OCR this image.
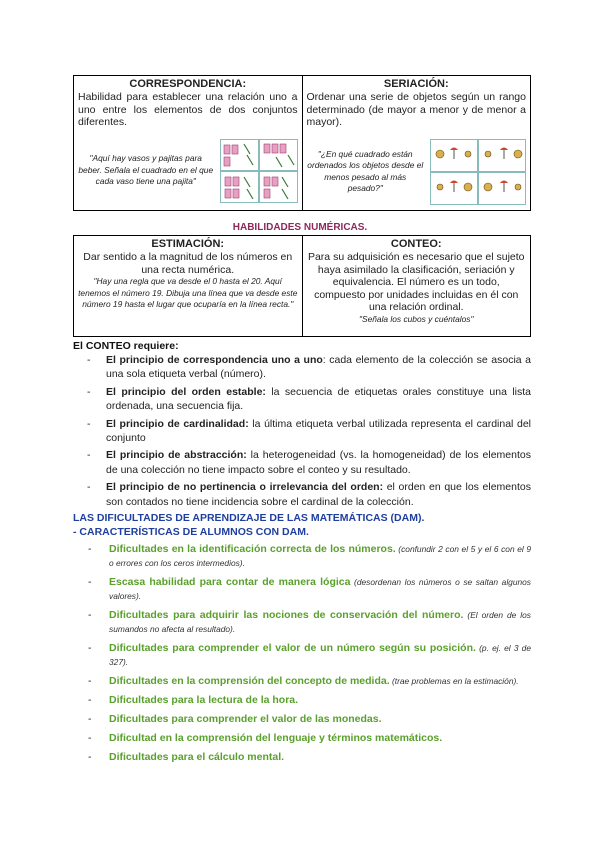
CORRESPONDENCIA:
Habilidad para establecer una relación uno a uno entre los elementos de dos conjuntos diferentes.
"Aquí hay vasos y pajitas para beber. Señala el cuadrado en el que cada vaso tiene una pajita"
SERIACIÓN:
Ordenar una serie de objetos según un rango determinado (de mayor a menor y de menor a mayor).
"¿En qué cuadrado están ordenados los objetos desde el menos pesado al más pesado?"
HABILIDADES NUMÉRICAS.
ESTIMACIÓN:
Dar sentido a la magnitud de los números en una recta numérica.
"Hay una regla que va desde el 0 hasta el 20. Aquí tenemos el número 19. Dibuja una línea que va desde este número 19 hasta el lugar que ocuparía en la línea recta."
CONTEO:
Para su adquisición es necesario que el sujeto haya asimilado la clasificación, seriación y equivalencia. El número es un todo, compuesto por unidades incluidas en él con una relación ordinal.
"Señala los cubos y cuéntalos"
El CONTEO requiere:
- El principio de correspondencia uno a uno: cada elemento de la colección se asocia a una sola etiqueta verbal (número).
- El principio del orden estable: la secuencia de etiquetas orales constituye una lista ordenada, una secuencia fija.
- El principio de cardinalidad: la última etiqueta verbal utilizada representa el cardinal del conjunto
- El principio de abstracción: la heterogeneidad (vs. la homogeneidad) de los elementos de una colección no tiene impacto sobre el conteo y su resultado.
- El principio de no pertinencia o irrelevancia del orden: el orden en que los elementos son contados no tiene incidencia sobre el cardinal de la colección.
LAS DIFICULTADES DE APRENDIZAJE DE LAS MATEMÁTICAS (DAM).
- CARACTERÍSTICAS DE ALUMNOS CON DAM.
- Dificultades en la identificación correcta de los números. (confundir 2 con el 5 y el 6 con el 9 o errores con los ceros intermedios).
- Escasa habilidad para contar de manera lógica (desordenan los números o se saltan algunos valores).
- Dificultades para adquirir las nociones de conservación del número. (El orden de los sumandos no afecta al resultado).
- Dificultades para comprender el valor de un número según su posición. (p. ej. el 3 de 327).
- Dificultades en la comprensión del concepto de medida. (trae problemas en la estimación).
- Dificultades para la lectura de la hora.
- Dificultades para comprender el valor de las monedas.
- Dificultad en la comprensión del lenguaje y términos matemáticos.
- Dificultades para el cálculo mental.
